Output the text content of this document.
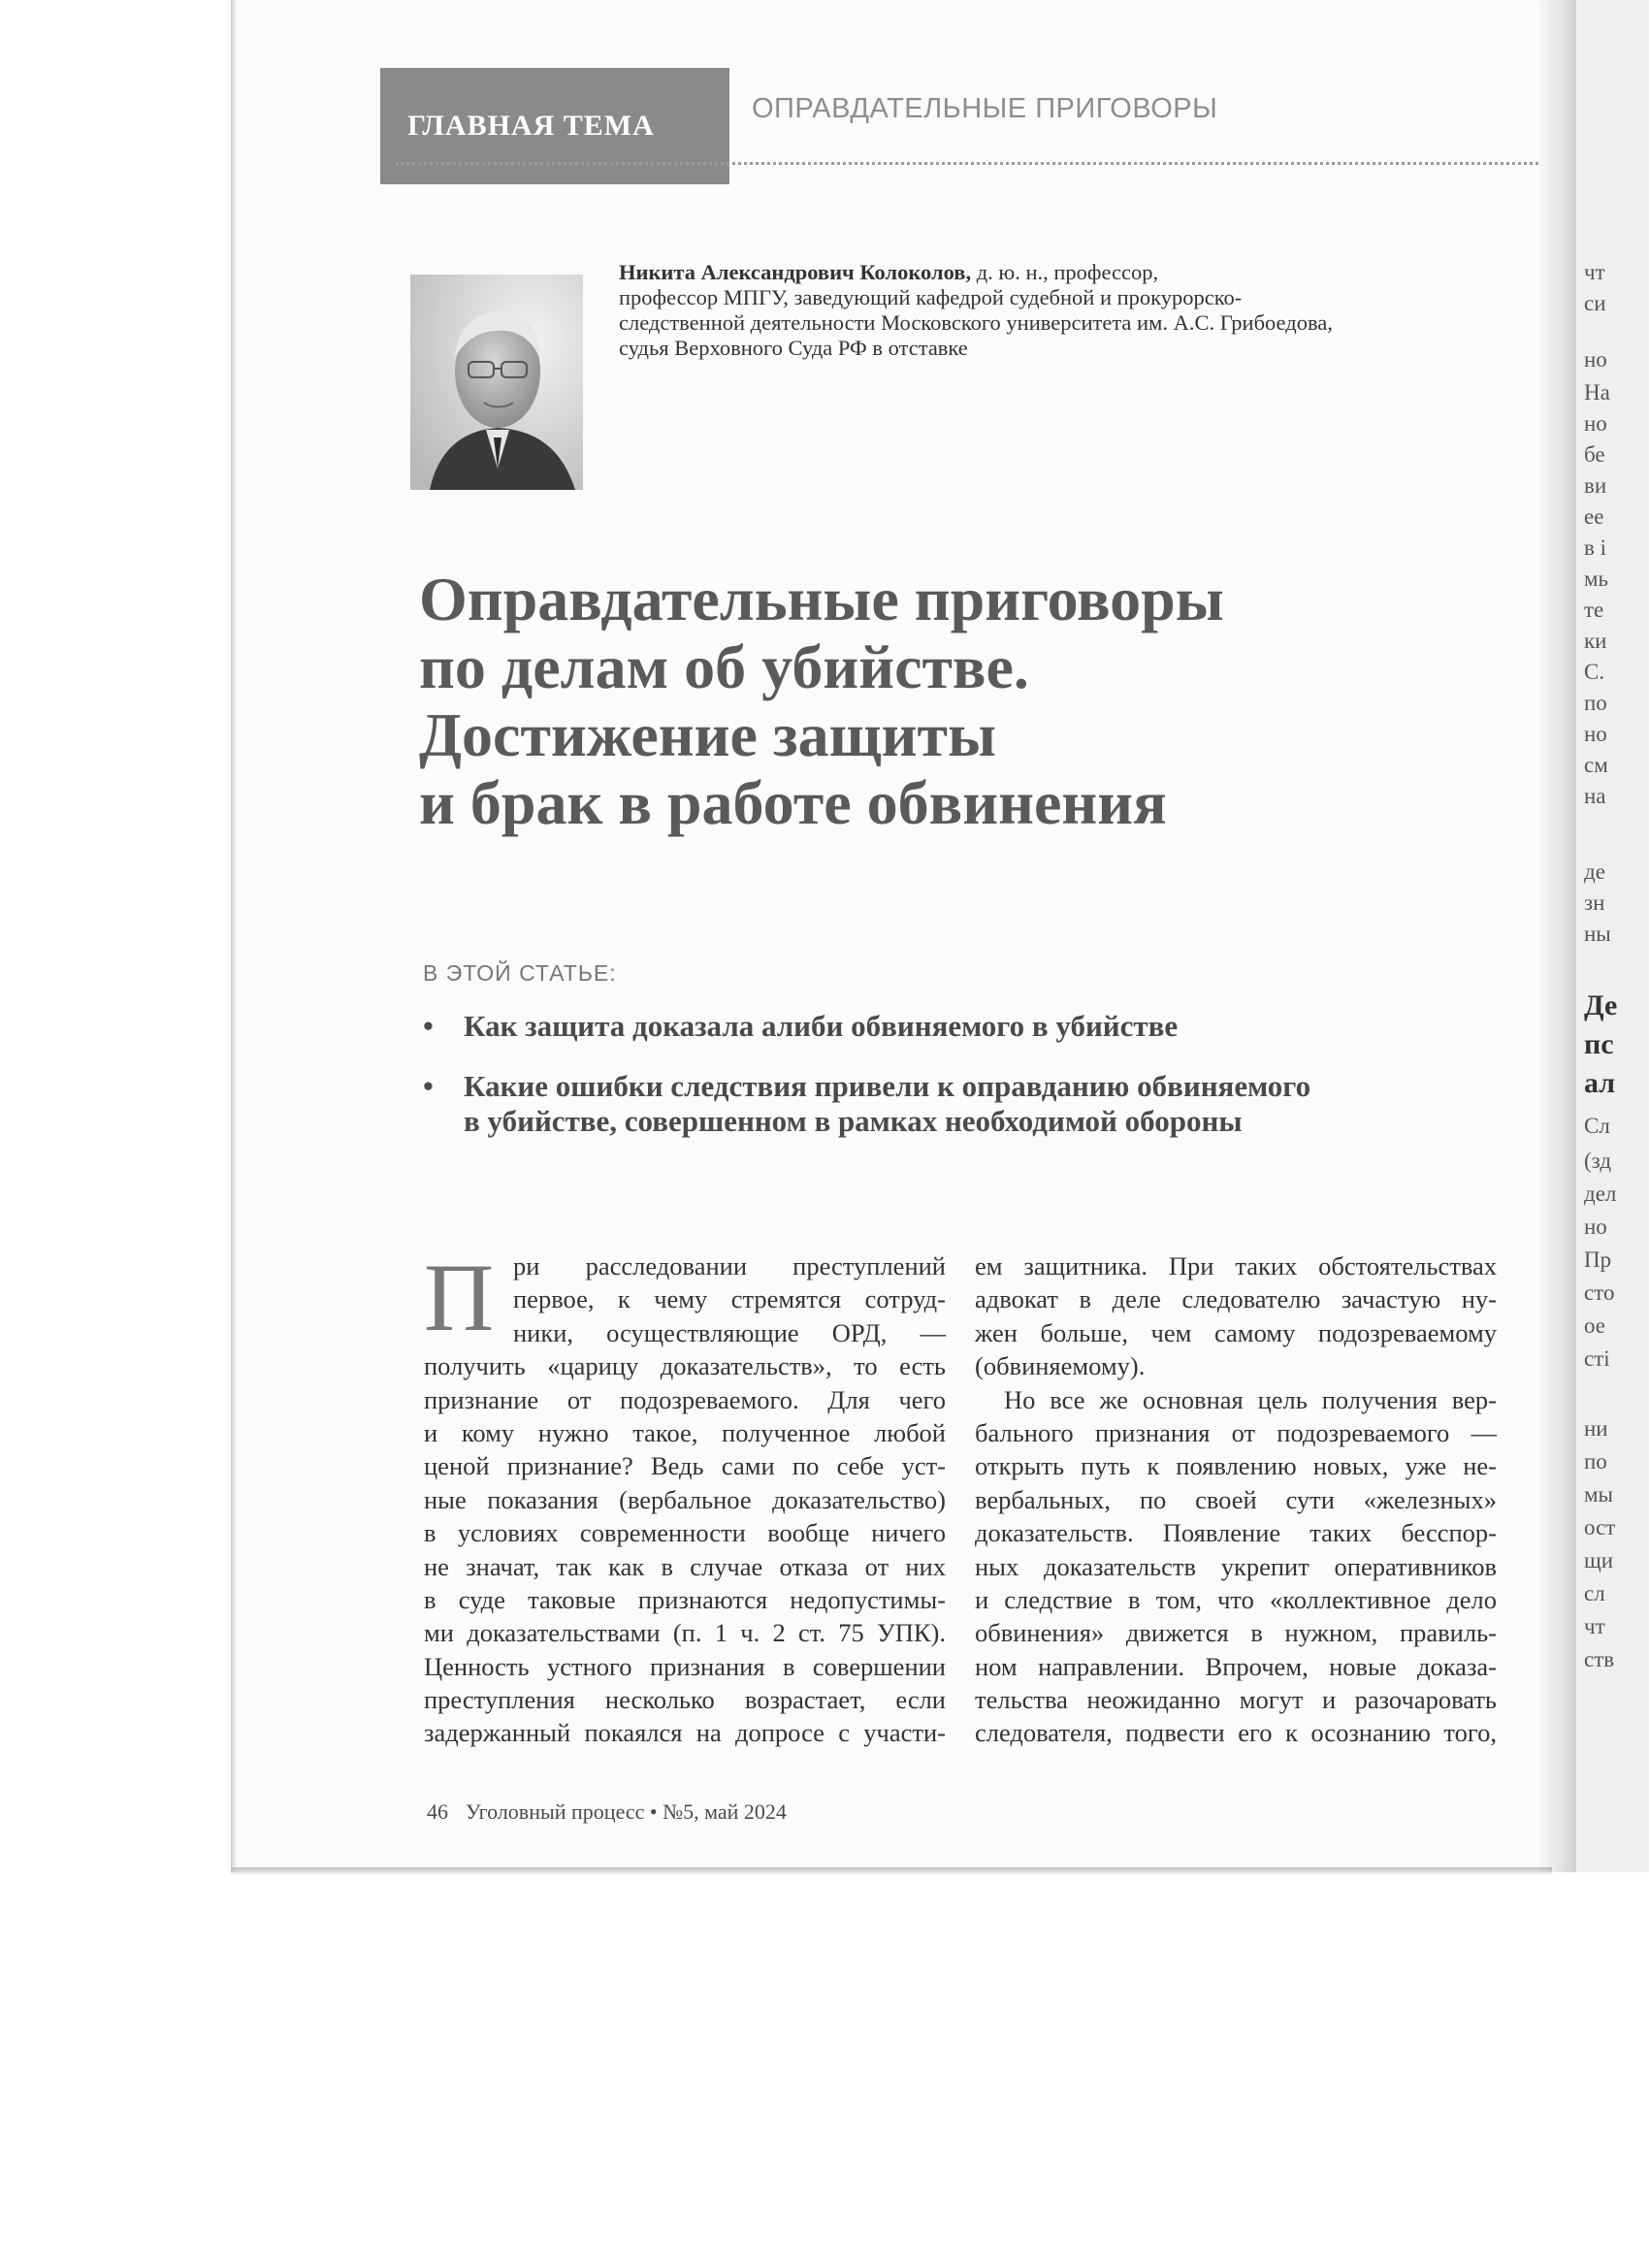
чт
си
но
На
но
бе
ви
ее
в і
мь
те
ки
С.
по
но
см
на
де
зн
ны
Де
пс
ал
Сл
(зд
дел
но
Пр
сто
ое
сті
ни
по
мы
ост
щи
сл
чт
ств
ГЛАВНАЯ ТЕМА
ОПРАВДАТЕЛЬНЫЕ ПРИГОВОРЫ
Никита Александрович Колоколов, д. ю. н., профессор,
профессор МПГУ, заведующий кафедрой судебной и прокурорско-
следственной деятельности Московского университета им. А.С. Грибоедова,
судья Верховного Суда РФ в отставке
Оправдательные приговоры
по делам об убийстве.
Достижение защиты
и брак в работе обвинения
В ЭТОЙ СТАТЬЕ:
• Как защита доказала алиби обвиняемого в убийстве
• Какие ошибки следствия привели к оправданию обвиняемого
в убийстве, совершенном в рамках необходимой обороны
П ри расследовании преступлений
первое, к чему стремятся сотруд-
ники, осуществляющие ОРД, —
получить «царицу доказательств», то есть
признание от подозреваемого. Для чего
и кому нужно такое, полученное любой
ценой признание? Ведь сами по себе уст-
ные показания (вербальное доказательство)
в условиях современности вообще ничего
не значат, так как в случае отказа от них
в суде таковые признаются недопустимы-
ми доказательствами (п. 1 ч. 2 ст. 75 УПК).
Ценность устного признания в совершении
преступления несколько возрастает, если
задержанный покаялся на допросе с участи-
ем защитника. При таких обстоятельствах
адвокат в деле следователю зачастую ну-
жен больше, чем самому подозреваемому
(обвиняемому).
Но все же основная цель получения вер-
бального признания от подозреваемого —
открыть путь к появлению новых, уже не-
вербальных, по своей сути «железных»
доказательств. Появление таких бесспор-
ных доказательств укрепит оперативников
и следствие в том, что «коллективное дело
обвинения» движется в нужном, правиль-
ном направлении. Впрочем, новые доказа-
тельства неожиданно могут и разочаровать
следователя, подвести его к осознанию того,
46 Уголовный процесс • №5, май 2024
